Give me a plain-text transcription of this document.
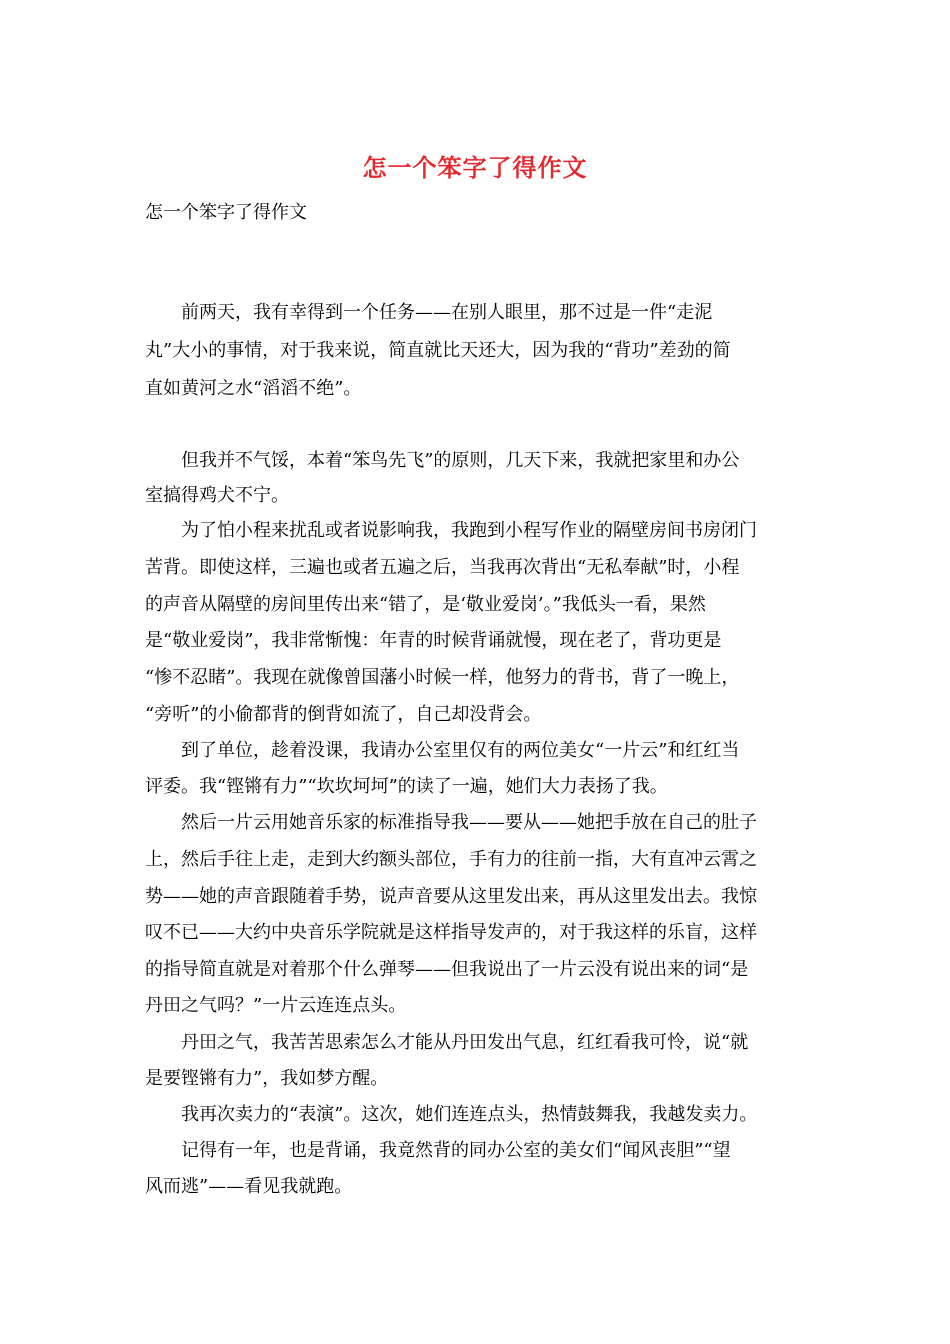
怎一个笨字了得作文
怎一个笨字了得作文
　　前两天，我有幸得到一个任务——在别人眼里，那不过是一件“走泥
丸”大小的事情，对于我来说，简直就比天还大，因为我的“背功”差劲的简
直如黄河之水“滔滔不绝”。
　　但我并不气馁，本着“笨鸟先飞”的原则，几天下来，我就把家里和办公
室搞得鸡犬不宁。
　　为了怕小程来扰乱或者说影响我，我跑到小程写作业的隔壁房间书房闭门
苦背。即使这样，三遍也或者五遍之后，当我再次背出“无私奉献”时，小程
的声音从隔壁的房间里传出来“错了，是‘敬业爱岗’。”我低头一看，果然
是“敬业爱岗”，我非常惭愧：年青的时候背诵就慢，现在老了，背功更是
“惨不忍睹”。我现在就像曾国藩小时候一样，他努力的背书，背了一晚上，
“旁听”的小偷都背的倒背如流了，自己却没背会。
　　到了单位，趁着没课，我请办公室里仅有的两位美女“一片云”和红红当
评委。我“铿锵有力”“坎坎坷坷”的读了一遍，她们大力表扬了我。
　　然后一片云用她音乐家的标准指导我——要从——她把手放在自己的肚子
上，然后手往上走，走到大约额头部位，手有力的往前一指，大有直冲云霄之
势——她的声音跟随着手势，说声音要从这里发出来，再从这里发出去。我惊
叹不已——大约中央音乐学院就是这样指导发声的，对于我这样的乐盲，这样
的指导简直就是对着那个什么弹琴——但我说出了一片云没有说出来的词“是
丹田之气吗？”一片云连连点头。
　　丹田之气，我苦苦思索怎么才能从丹田发出气息，红红看我可怜，说“就
是要铿锵有力”，我如梦方醒。
　　我再次卖力的“表演”。这次，她们连连点头，热情鼓舞我，我越发卖力。
　　记得有一年，也是背诵，我竟然背的同办公室的美女们“闻风丧胆”“望
风而逃”——看见我就跑。
